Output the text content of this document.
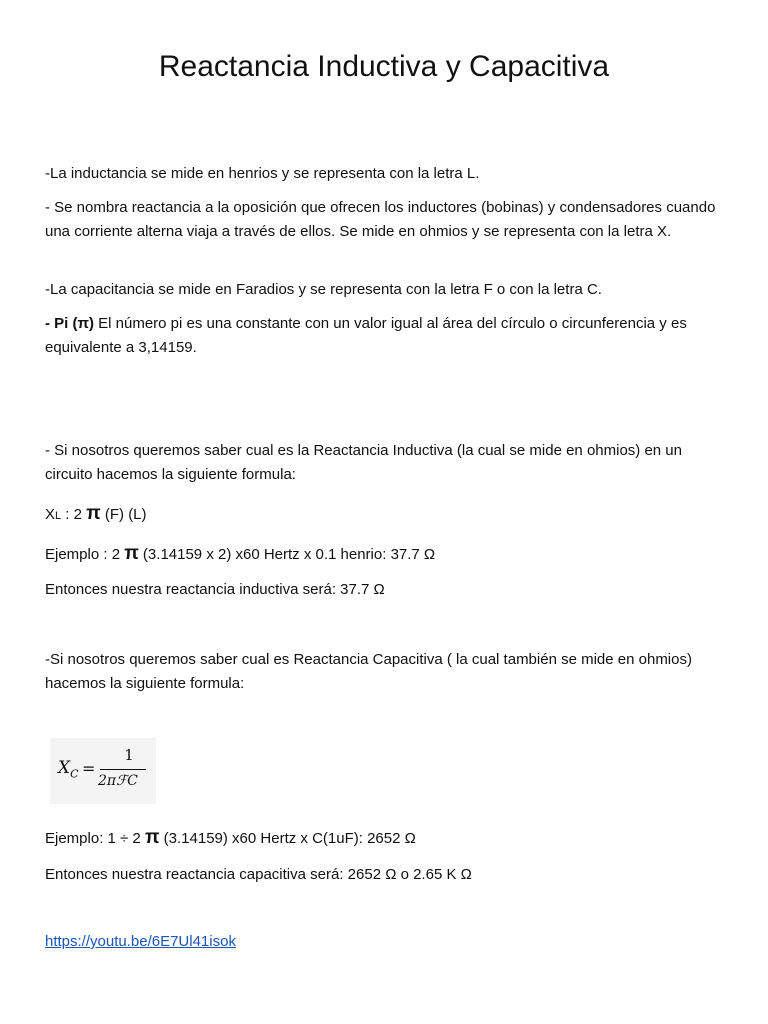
Reactancia Inductiva y Capacitiva

-La inductancia se mide en henrios y se representa con la letra L.

- Se nombra reactancia a la oposición que ofrecen los inductores (bobinas) y condensadores cuando una corriente alterna viaja a través de ellos. Se mide en ohmios y se representa con la letra X.

-La capacitancia se mide en Faradios y se representa con la letra F o con la letra C.

- Pi (π) El número pi es una constante con un valor igual al área del círculo o circunferencia y es equivalente a 3,14159.

- Si nosotros queremos saber cual es la Reactancia Inductiva (la cual se mide en ohmios) en un circuito hacemos la siguiente formula:

XL : 2 π (F) (L)

Ejemplo : 2 π (3.14159 x 2) x60 Hertz x 0.1 henrio: 37.7 Ω

Entonces nuestra reactancia inductiva será: 37.7 Ω

-Si nosotros queremos saber cual es Reactancia Capacitiva ( la cual también se mide en ohmios) hacemos la siguiente formula:

$X_C$ =
1
2πℱC

Ejemplo: 1 ÷ 2 π (3.14159) x60 Hertz x C(1uF): 2652 Ω

Entonces nuestra reactancia capacitiva será: 2652 Ω o 2.65 K Ω

https://youtu.be/6E7Ul41isok
